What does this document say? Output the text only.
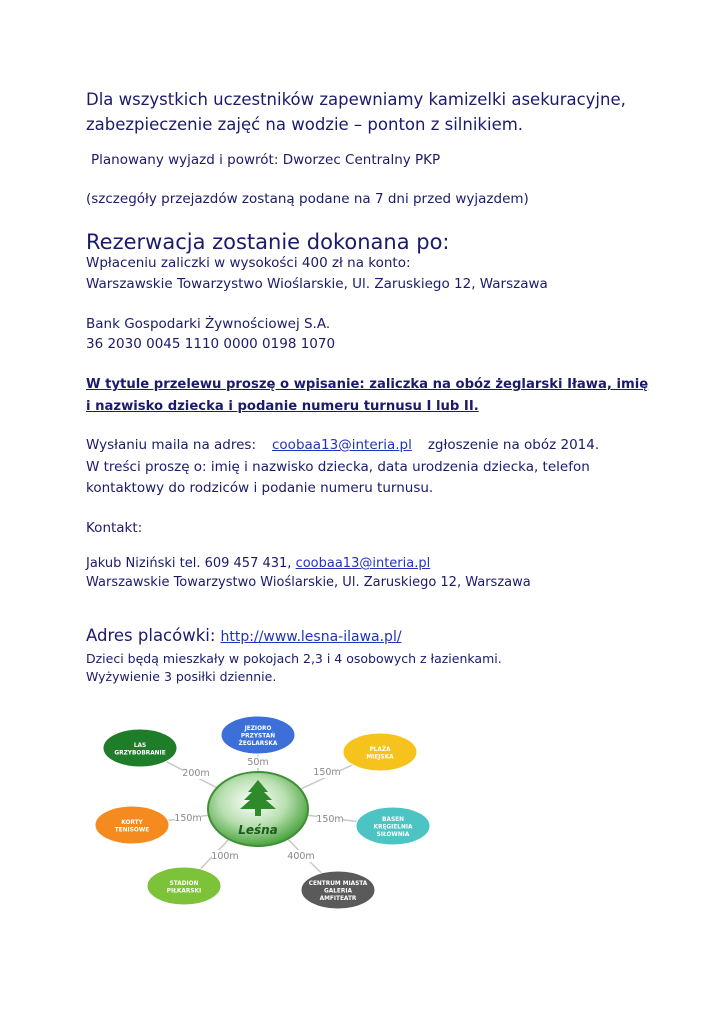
Dla wszystkich uczestników zapewniamy kamizelki asekuracyjne,
zabezpieczenie zajęć na wodzie – ponton z silnikiem.
Planowany wyjazd i powrót: Dworzec Centralny PKP
(szczegóły przejazdów zostaną podane na 7 dni przed wyjazdem)
Rezerwacja zostanie dokonana po:
Wpłaceniu zaliczki w wysokości 400 zł na konto:
Warszawskie Towarzystwo Wioślarskie, Ul. Zaruskiego 12, Warszawa
Bank Gospodarki Żywnościowej S.A.
36 2030 0045 1110 0000 0198 1070
W tytule przelewu proszę o wpisanie: zaliczka na obóz żeglarski Iława, imię
i nazwisko dziecka i podanie numeru turnusu I lub II.
Wysłaniu maila na adres: coobaa13@interia.pl zgłoszenie na obóz 2014.
W treści proszę o: imię i nazwisko dziecka, data urodzenia dziecka, telefon
kontaktowy do rodziców i podanie numeru turnusu.
Kontakt:
Jakub Niziński tel. 609 457 431, coobaa13@interia.pl
Warszawskie Towarzystwo Wioślarskie, Ul. Zaruskiego 12, Warszawa
Adres placówki: http://www.lesna-ilawa.pl/
Dzieci będą mieszkały w pokojach 2,3 i 4 osobowych z łazienkami.
Wyżywienie 3 posiłki dziennie.
50m
150m
150m
400m
100m
150m
200m
JEZIORO
PRZYSTAŃ
ŻEGLARSKA
PLAŻA
MIEJSKA
BASEN
KRĘGIELNIA
SIŁOWNIA
CENTRUM MIASTA
GALERIA
AMFITEATR
STADION
PIŁKARSKI
KORTY
TENISOWE
LAS
GRZYBOBRANIE
Leśna
